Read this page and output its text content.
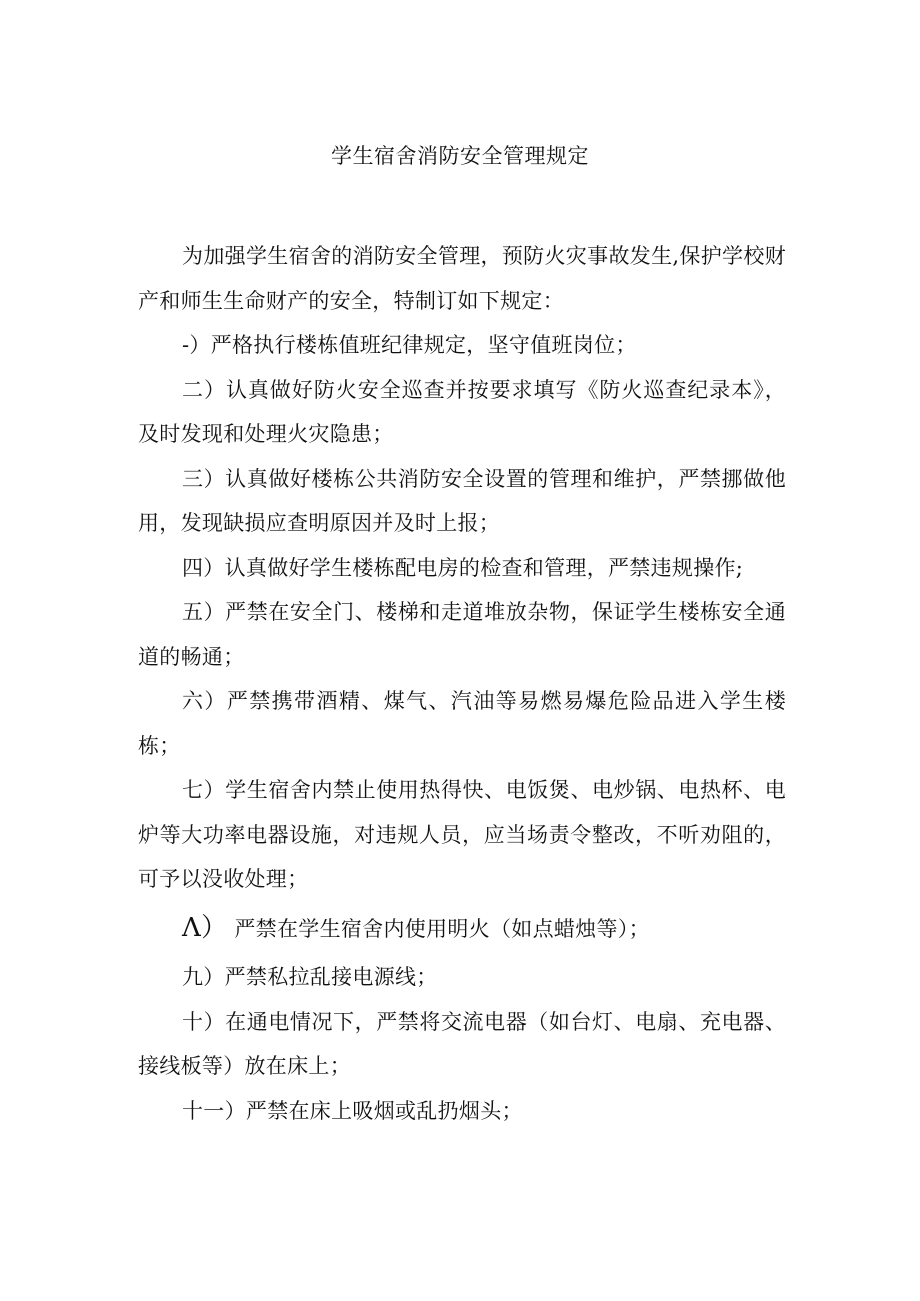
学生宿舍消防安全管理规定

为加强学生宿舍的消防安全管理，预防火灾事故发生,保护学校财产和师生生命财产的安全，特制订如下规定：

-）严格执行楼栋值班纪律规定，坚守值班岗位；

二）认真做好防火安全巡查并按要求填写《防火巡查纪录本》，及时发现和处理火灾隐患；

三）认真做好楼栋公共消防安全设置的管理和维护，严禁挪做他用，发现缺损应查明原因并及时上报；

四）认真做好学生楼栋配电房的检查和管理，严禁违规操作;

五）严禁在安全门、楼梯和走道堆放杂物，保证学生楼栋安全通道的畅通；

六）严禁携带酒精、煤气、汽油等易燃易爆危险品进入学生楼栋；

七）学生宿舍内禁止使用热得快、电饭煲、电炒锅、电热杯、电炉等大功率电器设施，对违规人员，应当场责令整改，不听劝阻的，可予以没收处理；

Λ） 严禁在学生宿舍内使用明火（如点蜡烛等）；

九）严禁私拉乱接电源线；

十）在通电情况下，严禁将交流电器（如台灯、电扇、充电器、接线板等）放在床上；

十一）严禁在床上吸烟或乱扔烟头；
